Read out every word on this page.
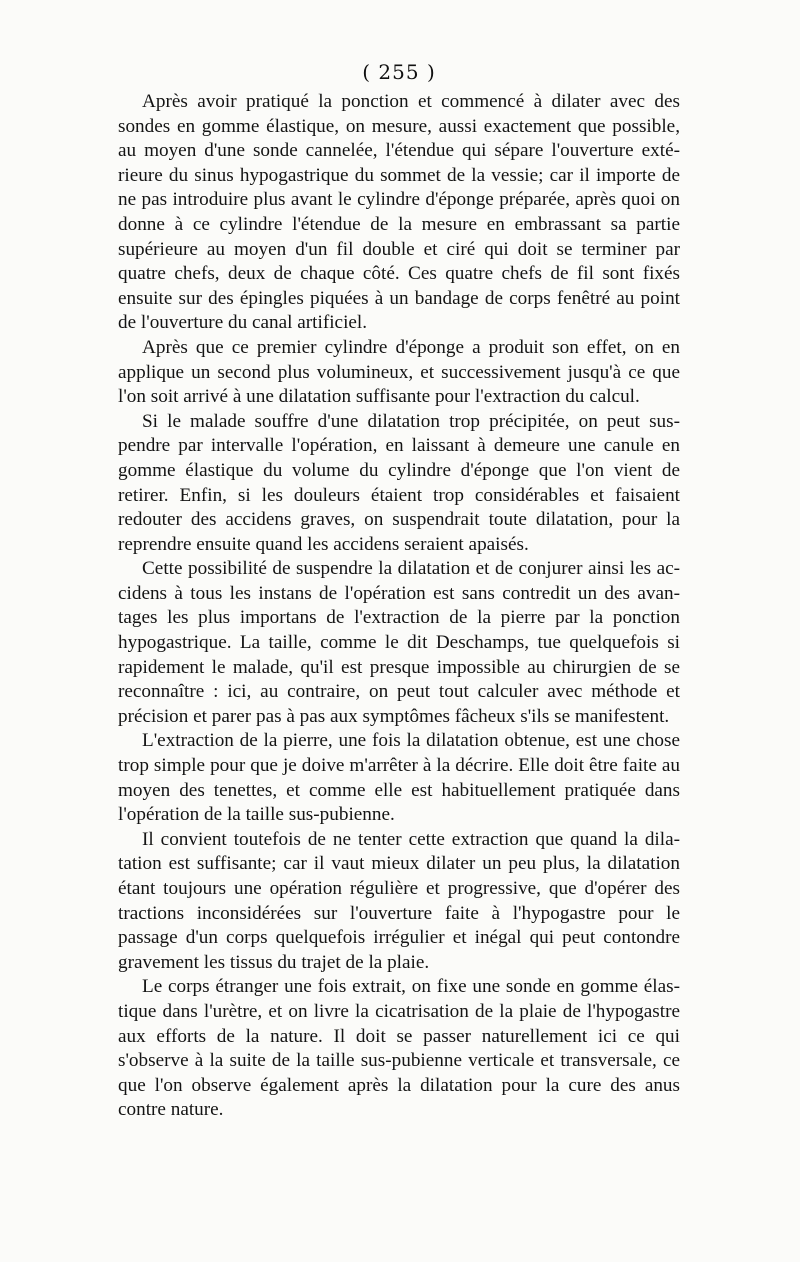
( 255 )

Après avoir pratiqué la ponction et commencé à dilater avec des sondes en gomme élastique, on mesure, aussi exactement que possible, au moyen d'une sonde cannelée, l'étendue qui sépare l'ouverture extérieure du sinus hypogastrique du sommet de la vessie; car il importe de ne pas introduire plus avant le cylindre d'éponge préparée, après quoi on donne à ce cylindre l'étendue de la mesure en embrassant sa partie supérieure au moyen d'un fil double et ciré qui doit se terminer par quatre chefs, deux de chaque côté. Ces quatre chefs de fil sont fixés ensuite sur des épingles piquées à un bandage de corps fenêtré au point de l'ouverture du canal artificiel.

Après que ce premier cylindre d'éponge a produit son effet, on en applique un second plus volumineux, et successivement jusqu'à ce que l'on soit arrivé à une dilatation suffisante pour l'extraction du calcul.

Si le malade souffre d'une dilatation trop précipitée, on peut suspendre par intervalle l'opération, en laissant à demeure une canule en gomme élastique du volume du cylindre d'éponge que l'on vient de retirer. Enfin, si les douleurs étaient trop considérables et faisaient redouter des accidens graves, on suspendrait toute dilatation, pour la reprendre ensuite quand les accidens seraient apaisés.

Cette possibilité de suspendre la dilatation et de conjurer ainsi les accidens à tous les instans de l'opération est sans contredit un des avantages les plus importans de l'extraction de la pierre par la ponction hypogastrique. La taille, comme le dit Deschamps, tue quelquefois si rapidement le malade, qu'il est presque impossible au chirurgien de se reconnaître : ici, au contraire, on peut tout calculer avec méthode et précision et parer pas à pas aux symptômes fâcheux s'ils se manifestent.

L'extraction de la pierre, une fois la dilatation obtenue, est une chose trop simple pour que je doive m'arrêter à la décrire. Elle doit être faite au moyen des tenettes, et comme elle est habituellement pratiquée dans l'opération de la taille sus-pubienne.

Il convient toutefois de ne tenter cette extraction que quand la dilatation est suffisante; car il vaut mieux dilater un peu plus, la dilatation étant toujours une opération régulière et progressive, que d'opérer des tractions inconsidérées sur l'ouverture faite à l'hypogastre pour le passage d'un corps quelquefois irrégulier et inégal qui peut contondre gravement les tissus du trajet de la plaie.

Le corps étranger une fois extrait, on fixe une sonde en gomme élastique dans l'urètre, et on livre la cicatrisation de la plaie de l'hypogastre aux efforts de la nature. Il doit se passer naturellement ici ce qui s'observe à la suite de la taille sus-pubienne verticale et transversale, ce que l'on observe également après la dilatation pour la cure des anus contre nature.
